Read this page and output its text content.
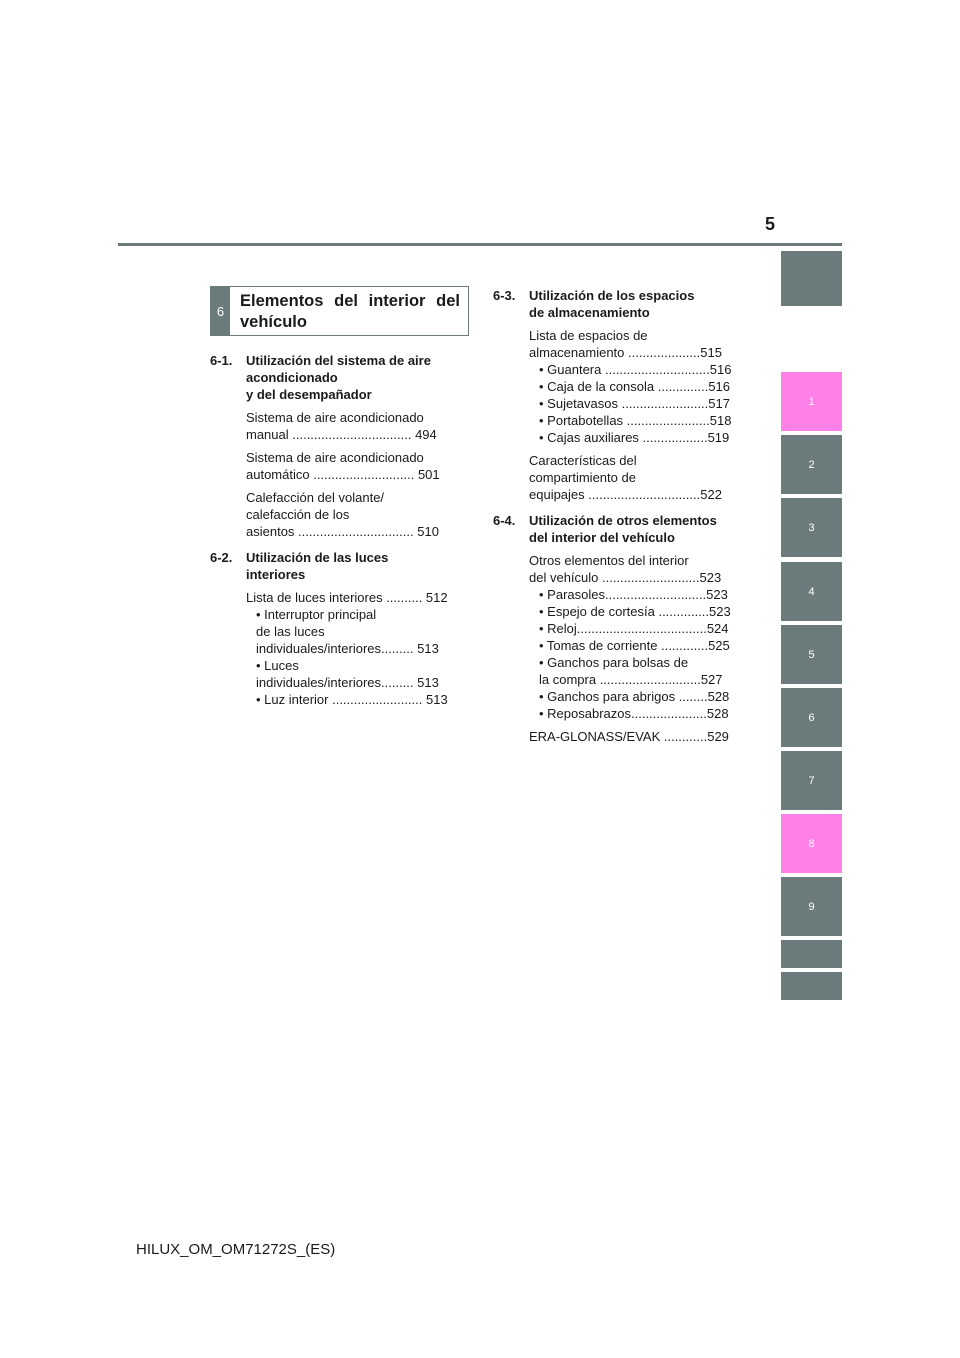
5
1
2
3
4
5
6
7
8
9
6
Elementos del interior del vehículo
6-1.	Utilización del sistema de aire
acondicionado
y del desempañador
Sistema de aire acondicionado
manual ................................. 494
Sistema de aire acondicionado
automático ............................ 501
Calefacción del volante/
calefacción de los
asientos ................................ 510
6-2.	Utilización de las luces
interiores
Lista de luces interiores .......... 512
• Interruptor principal
de las luces
individuales/interiores......... 513
• Luces
individuales/interiores......... 513
• Luz interior ......................... 513
6-3.	Utilización de los espacios
de almacenamiento
Lista de espacios de
almacenamiento ....................515
• Guantera .............................516
• Caja de la consola ..............516
• Sujetavasos ........................517
• Portabotellas .......................518
• Cajas auxiliares ..................519
Características del
compartimiento de
equipajes ...............................522
6-4.	Utilización de otros elementos
del interior del vehículo
Otros elementos del interior
del vehículo ...........................523
• Parasoles............................523
• Espejo de cortesía ..............523
• Reloj....................................524
• Tomas de corriente .............525
• Ganchos para bolsas de
la compra ............................527
• Ganchos para abrigos ........528
• Reposabrazos.....................528
ERA-GLONASS/EVAK ............529
HILUX_OM_OM71272S_(ES)
